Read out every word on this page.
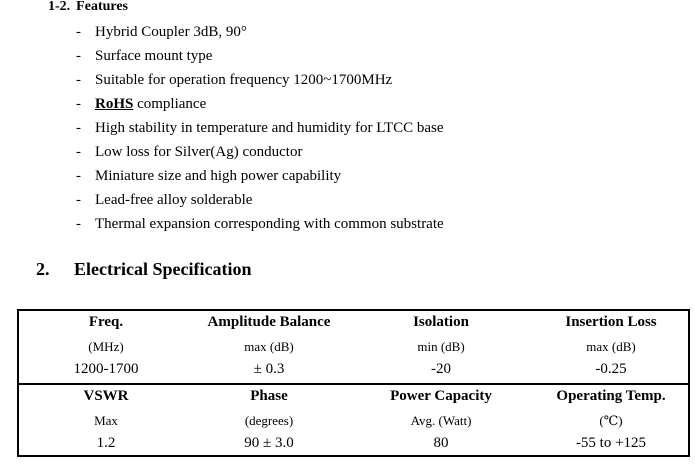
1-2. Features
- Hybrid Coupler 3dB, 90°
- Surface mount type
- Suitable for operation frequency 1200~1700MHz
- RoHS compliance
- High stability in temperature and humidity for LTCC base
- Low loss for Silver(Ag) conductor
- Miniature size and high power capability
- Lead-free alloy solderable
- Thermal expansion corresponding with common substrate
2. Electrical Specification
Freq.
(MHz)
1200-1700
Amplitude Balance
max (dB)
± 0.3
Isolation
min (dB)
-20
Insertion Loss
max (dB)
-0.25
VSWR
Max
1.2
Phase
(degrees)
90 ± 3.0
Power Capacity
Avg. (Watt)
80
Operating Temp.
(℃)
-55 to +125
